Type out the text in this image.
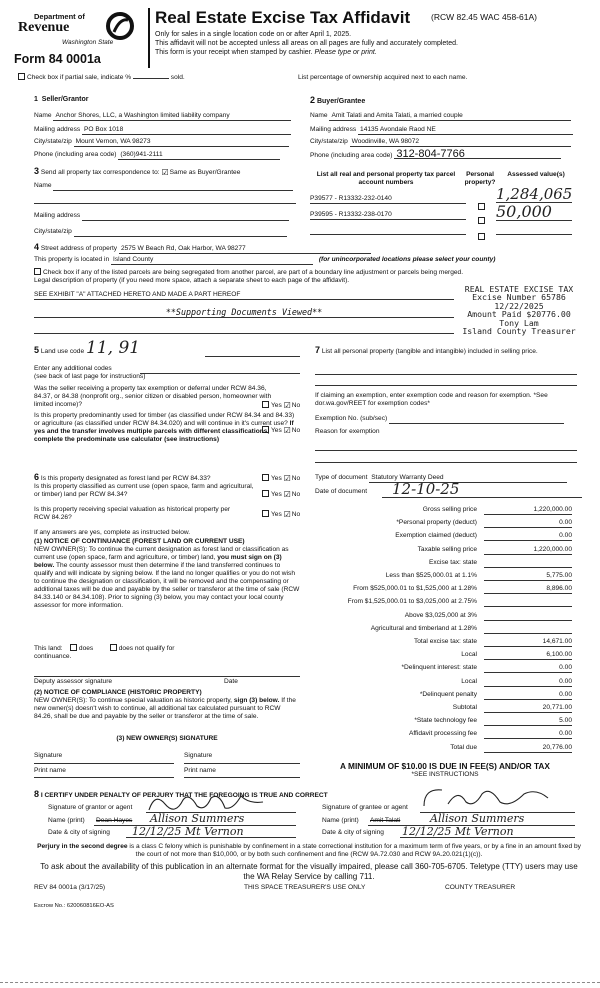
Department of
Revenue
Washington State
Form 84 0001a
Real Estate Excise Tax Affidavit (RCW 82.45 WAC 458-61A)
Only for sales in a single location code on or after April 1, 2025.
This affidavit will not be accepted unless all areas on all pages are fully and accurately completed.
This form is your receipt when stamped by cashier. Please type or print.
Check box if partial sale, indicate %	sold.	List percentage of ownership acquired next to each name.
1 Seller/Grantor
Name Anchor Shores, LLC, a Washington limited liability company
Mailing address PO Box 1018
City/state/zip Mount Vernon, WA 98273
Phone (including area code) (360)941-2111
2 Buyer/Grantee
Name Amit Talati and Amita Talati, a married couple
Mailing address 14135 Avondale Raod NE
City/state/zip Woodinville, WA 98072
Phone (including area code) 312-804-7766
3 Send all property tax correspondence to: ☑Same as Buyer/Grantee
Name
Mailing address
City/state/zip
List all real and personal property tax parcel account numbers
Personal property?
Assessed value(s)
P39577 - R13332-232-0140	1,284,065
P39595 - R13332-238-0170	50,000
4 Street address of property 2575 W Beach Rd, Oak Harbor, WA 98277
This property is located in Island County	(for unincorporated locations please select your county)
Check box if any of the listed parcels are being segregated from another parcel, are part of a boundary line adjustment or parcels being merged.
Legal description of property (if you need more space, attach a separate sheet to each page of the affidavit).
SEE EXHIBIT "A" ATTACHED HERETO AND MADE A PART HEREOF
**Supporting Documents Viewed**
REAL ESTATE EXCISE TAX
Excise Number 65786
12/22/2025
Amount Paid $20776.00
Tony Lam
Island County Treasurer
5 Land use code 11, 91
Enter any additional codes
(see back of last page for instructions)
Was the seller receiving a property tax exemption or deferral under RCW 84.36, 84.37, or 84.38 (nonprofit org., senior citizen or disabled person, homeowner with limited income)?	Yes ☑No
Is this property predominantly used for timber (as classified under RCW 84.34 and 84.33) or agriculture (as classified under RCW 84.34.020) and will continue in it's current use? If yes and the transfer involves multiple parcels with different classifications, complete the predominate use calculator (see instructions)
Yes ☑No
7 List all personal property (tangible and intangible) included in selling price.
If claiming an exemption, enter exemption code and reason for exemption. *See dor.wa.gov/REET for exemption codes*
Exemption No. (sub/sec)
Reason for exemption
6 Is this property designated as forest land per RCW 84.33?	Yes ☑No
Is this property classified as current use (open space, farm and agricultural, or timber) land per RCW 84.34?	Yes ☑No
Is this property receiving special valuation as historical property per RCW 84.26?	Yes ☑No
If any answers are yes, complete as instructed below.
(1) NOTICE OF CONTINUANCE (FOREST LAND OR CURRENT USE)
NEW OWNER(S): To continue the current designation as forest land or classification as current use (open space, farm and agriculture, or timber) land, you must sign on (3) below. The county assessor must then determine if the land transferred continues to qualify and will indicate by signing below. If the land no longer qualifies or you do not wish to continue the designation or classification, it will be removed and the compensating or additional taxes will be due and payable by the seller or transferor at the time of sale (RCW 84.33.140 or 84.34.108). Prior to signing (3) below, you may contact your local county assessor for more information.
This land: does	does not qualify for
continuance.
Deputy assessor signature	Date
(2) NOTICE OF COMPLIANCE (HISTORIC PROPERTY)
NEW OWNER(S): To continue special valuation as historic property, sign (3) below. If the new owner(s) doesn't wish to continue, all additional tax calculated pursuant to RCW 84.26, shall be due and payable by the seller or transferor at the time of sale.
(3) NEW OWNER(S) SIGNATURE
Signature	Signature
Print name	Print name
Type of document Statutory Warranty Deed
Date of document	12-10-25
Gross selling price	1,220,000.00
*Personal property (deduct)	0.00
Exemption claimed (deduct)	0.00
Taxable selling price	1,220,000.00
Excise tax: state
Less than $525,000.01 at 1.1%	5,775.00
From $525,000.01 to $1,525,000 at 1.28%	8,896.00
From $1,525,000.01 to $3,025,000 at 2.75%
Above $3,025,000 at 3%
Agricultural and timberland at 1.28%
Total excise tax: state	14,671.00
Local	6,100.00
*Delinquent interest: state	0.00
Local	0.00
*Delinquent penalty	0.00
Subtotal	20,771.00
*State technology fee	5.00
Affidavit processing fee	0.00
Total due	20,776.00
A MINIMUM OF $10.00 IS DUE IN FEE(S) AND/OR TAX
*SEE INSTRUCTIONS
8 I CERTIFY UNDER PENALTY OF PERJURY THAT THE FOREGOING IS TRUE AND CORRECT
Signature of grantor or agent	Signature of grantee or agent
Name (print) Dean Hayes	Name (print) Amit Talati
Date & city of signing	Date & city of signing
Allison Summers
12/12/25 Mt Vernon
Allison Summers
12/12/25 Mt Vernon
Perjury in the second degree is a class C felony which is punishable by confinement in a state correctional institution for a maximum term of five years, or by a fine in an amount fixed by the court of not more than $10,000, or by both such confinement and fine (RCW 9A.72.030 and RCW 9A.20.021(1)(c)).
To ask about the availability of this publication in an alternate format for the visually impaired, please call 360-705-6705. Teletype (TTY) users may use the WA Relay Service by calling 711.
REV 84 0001a (3/17/25)	THIS SPACE TREASURER'S USE ONLY	COUNTY TREASURER
Escrow No.: 620060816EO-AS
